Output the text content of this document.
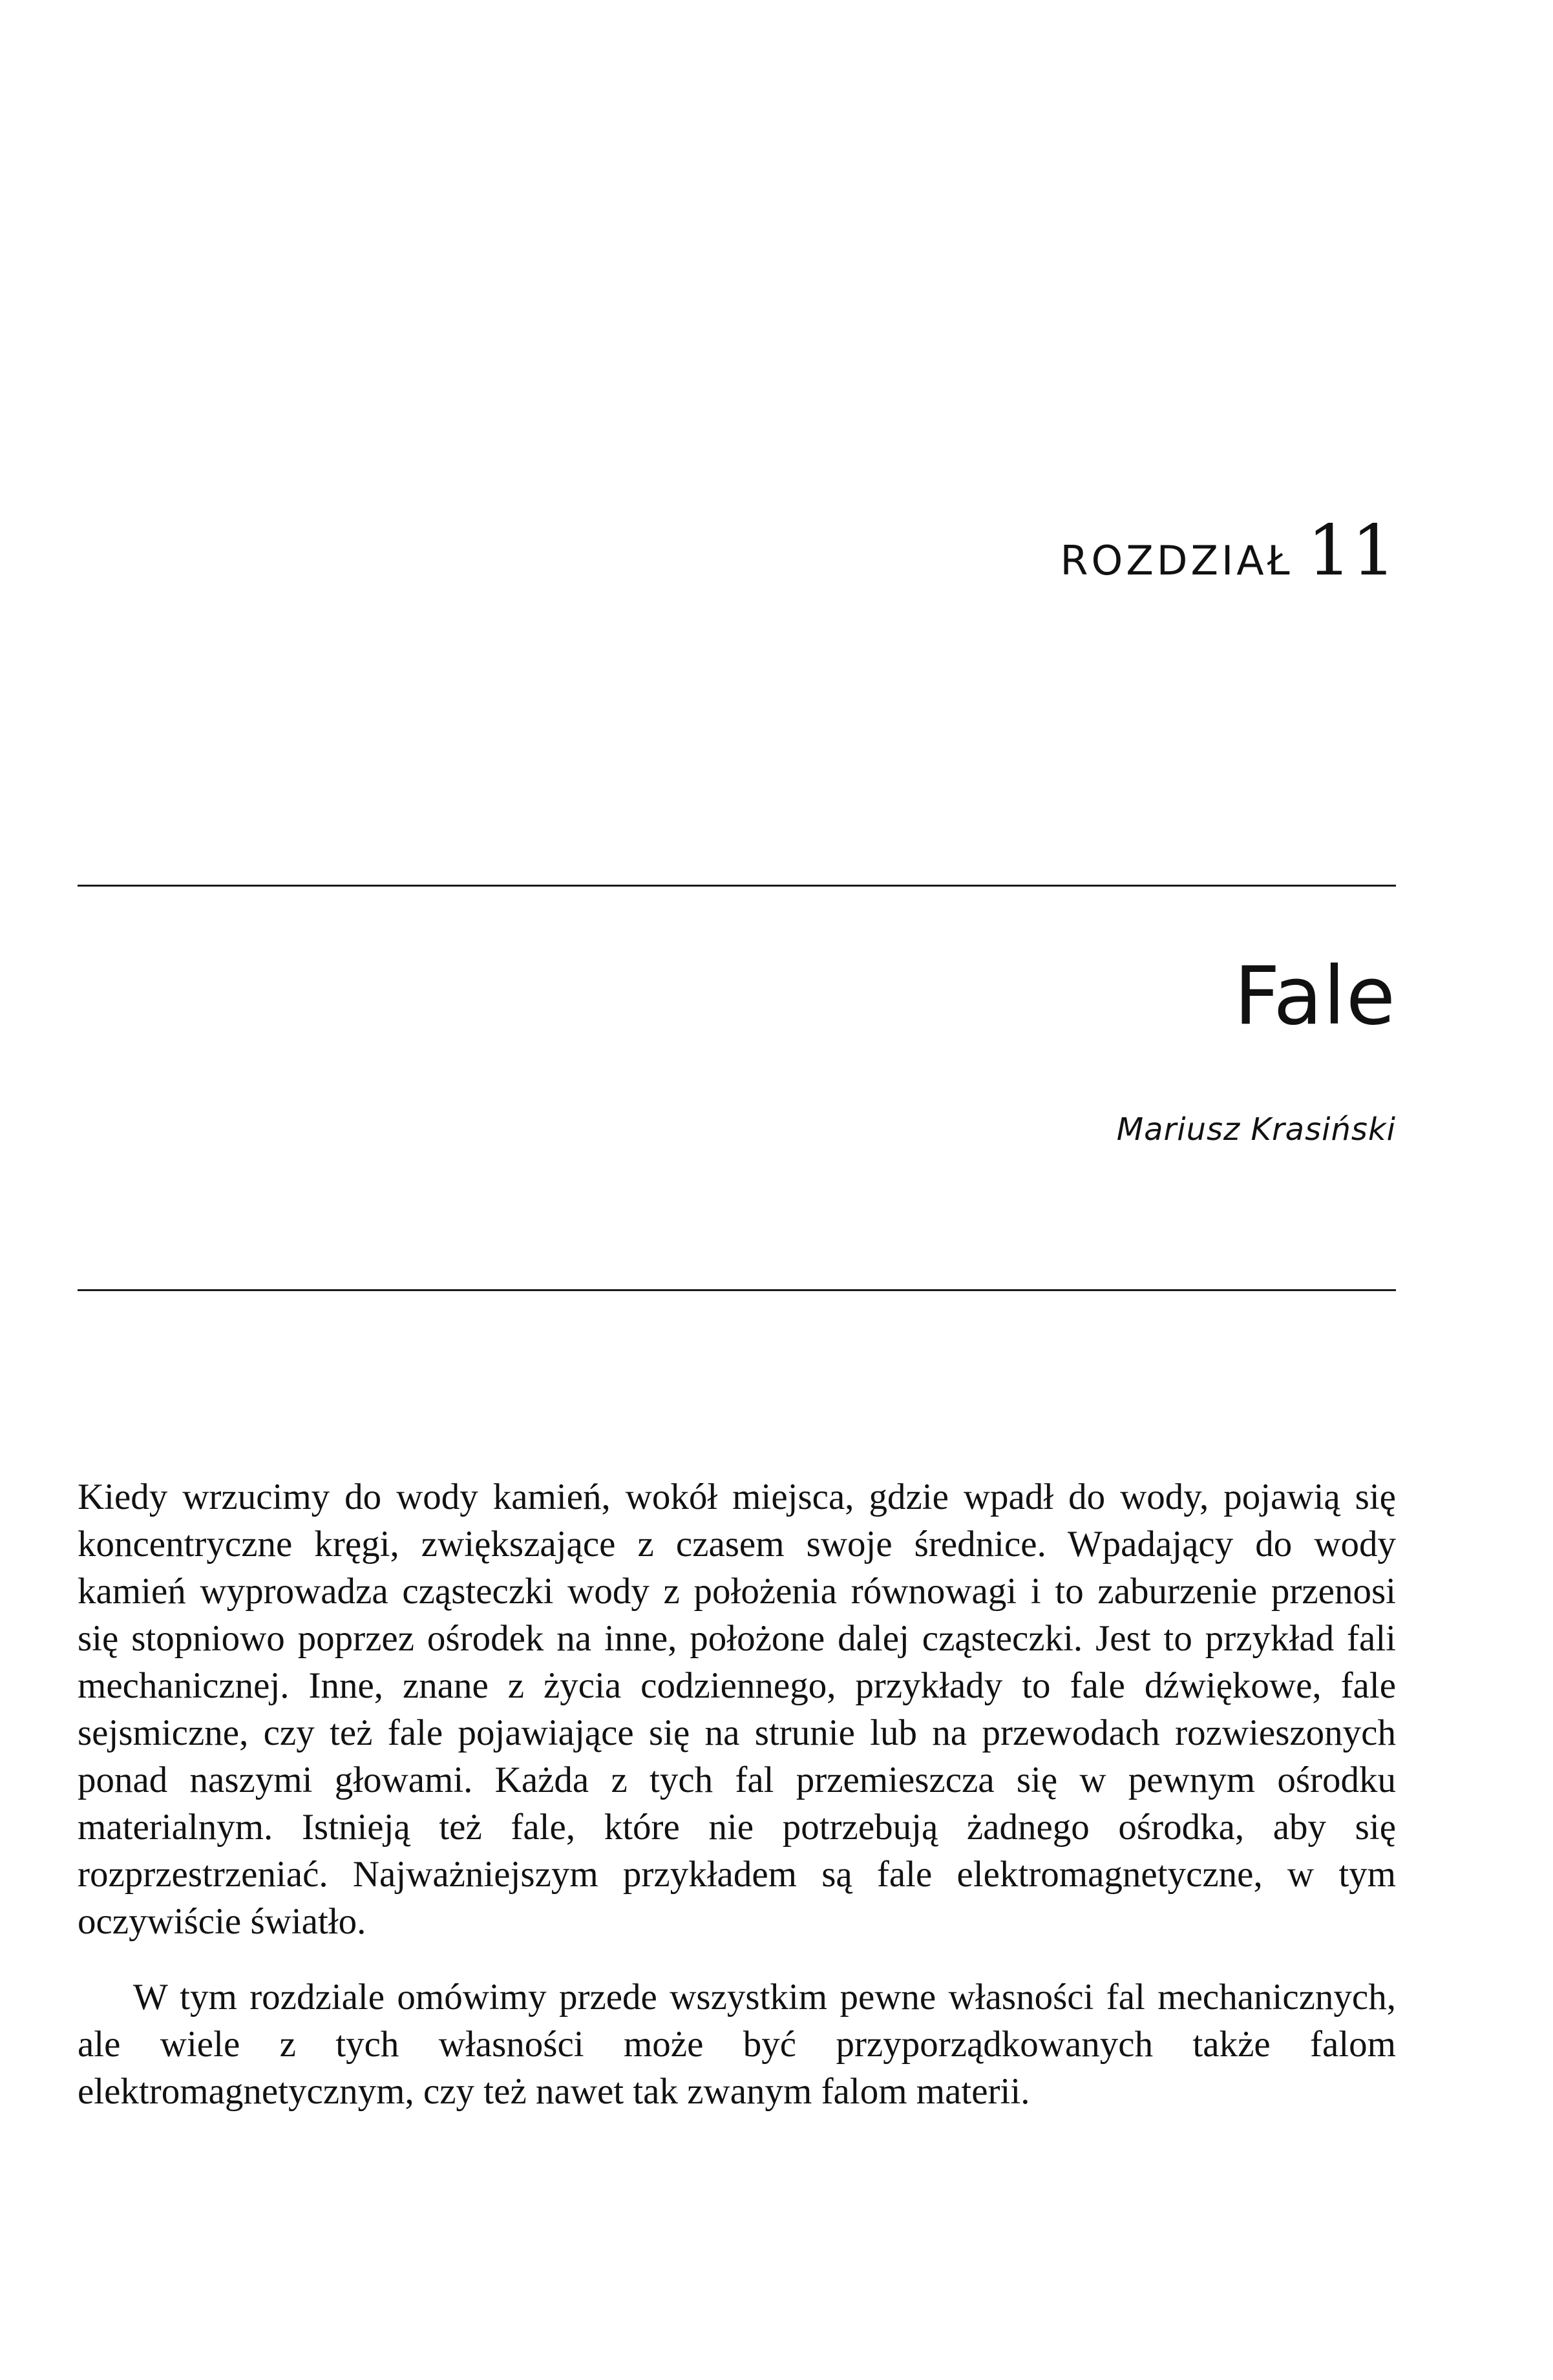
ROZDZIAŁ 11
Fale
Mariusz Krasiński

Kiedy wrzucimy do wody kamień, wokół miejsca, gdzie wpadł do wody, pojawią się koncentryczne kręgi, zwiększające z czasem swoje średnice. Wpadający do wody kamień wyprowadza cząsteczki wody z położenia równowagi i to zaburzenie przenosi się stopniowo poprzez ośrodek na inne, położone dalej cząsteczki. Jest to przykład fali mechanicznej. Inne, znane z życia codziennego, przykłady to fale dźwiękowe, fale sejsmiczne, czy też fale pojawiające się na strunie lub na przewodach rozwieszonych ponad naszymi głowami. Każda z tych fal przemieszcza się w pewnym ośrodku materialnym. Istnieją też fale, które nie potrzebują żadnego ośrodka, aby się rozprzestrzeniać. Najważniejszym przykładem są fale elektromagnetyczne, w tym oczywiście światło.

W tym rozdziale omówimy przede wszystkim pewne własności fal mechanicznych, ale wiele z tych własności może być przyporządkowanych także falom elektromagnetycznym, czy też nawet tak zwanym falom materii.
